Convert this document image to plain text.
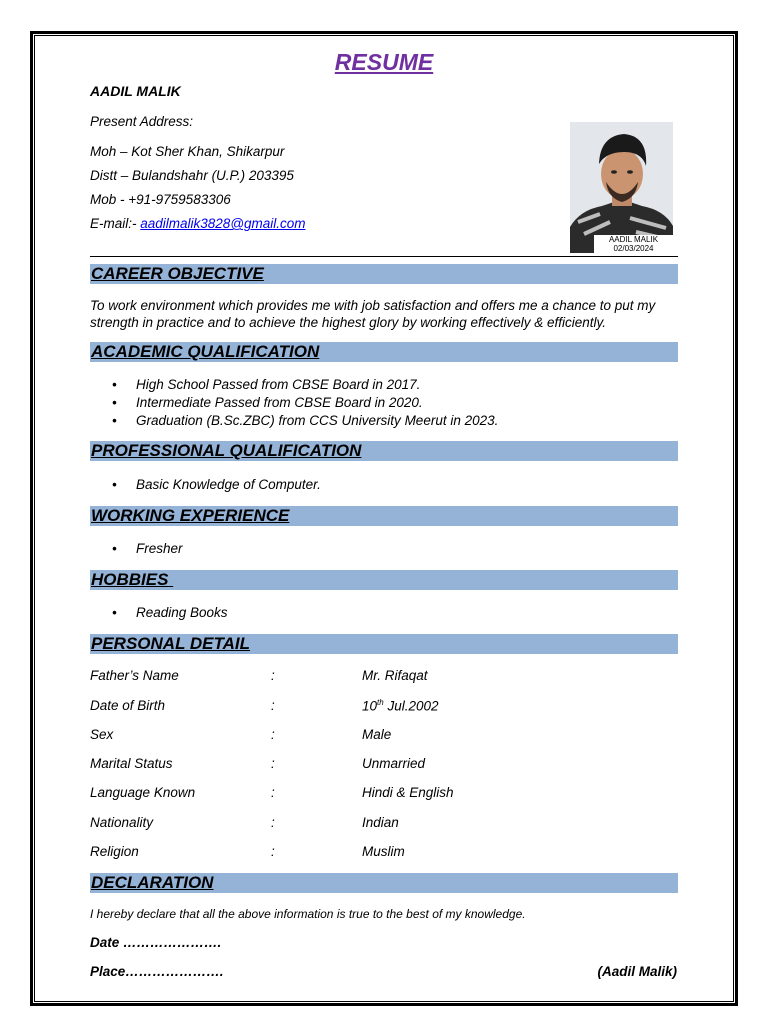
RESUME
AADIL MALIK
Present Address:
Moh – Kot Sher Khan, Shikarpur
Distt – Bulandshahr (U.P.) 203395
Mob - +91-9759583306
E-mail:- aadilmalik3828@gmail.com
AADIL MALIK
02/03/2024
CAREER OBJECTIVE
To work environment which provides me with job satisfaction and offers me a chance to put my strength in practice and to achieve the highest glory by working effectively & efficiently.
ACADEMIC QUALIFICATION
• High School Passed from CBSE Board in 2017.
• Intermediate Passed from CBSE Board in 2020.
• Graduation (B.Sc.ZBC) from CCS University Meerut in 2023.
PROFESSIONAL QUALIFICATION
• Basic Knowledge of Computer.
WORKING EXPERIENCE
• Fresher
HOBBIES
• Reading Books
PERSONAL DETAIL
Father’s Name	:	Mr. Rifaqat
Date of Birth	:	10th Jul.2002
Sex	:	Male
Marital Status	:	Unmarried
Language Known	:	Hindi & English
Nationality	:	Indian
Religion	:	Muslim
DECLARATION
I hereby declare that all the above information is true to the best of my knowledge.
Date ………………….
Place………………….	(Aadil Malik)
